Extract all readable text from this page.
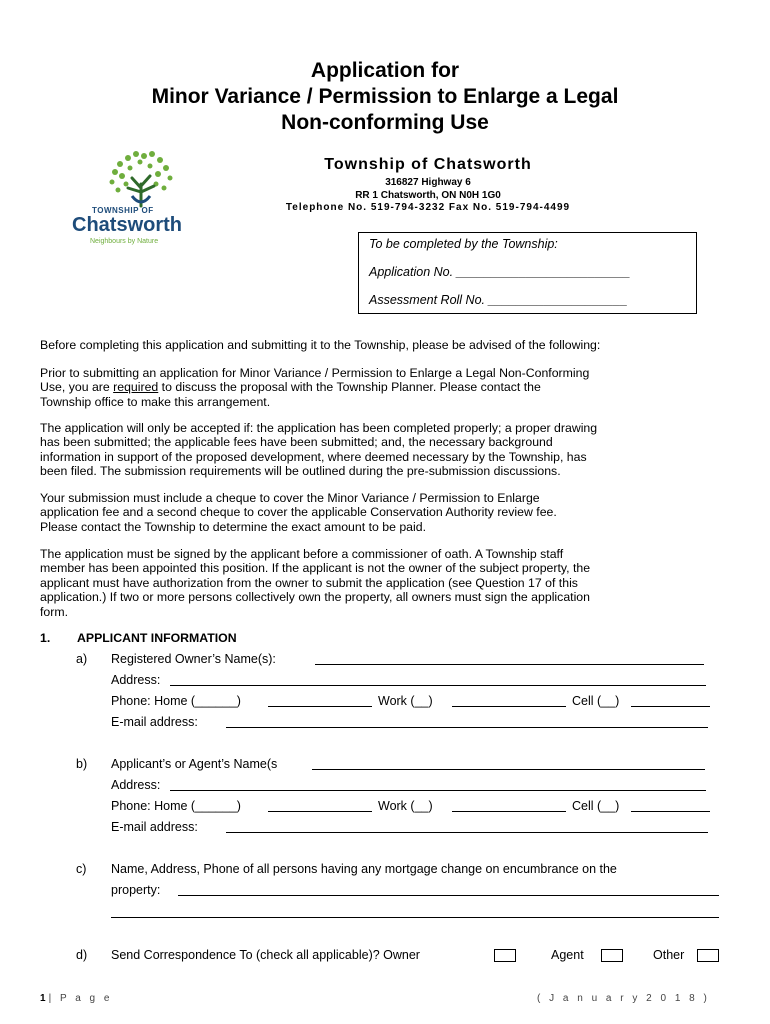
Application for
Minor Variance / Permission to Enlarge a Legal
Non-conforming Use
TOWNSHIP OF
Chatsworth
Neighbours by Nature
Township of Chatsworth
316827 Highway 6
RR 1 Chatsworth, ON N0H 1G0
Telephone No. 519-794-3232 Fax No. 519-794-4499
To be completed by the Township:
Application No. _________________________
Assessment Roll No. ____________________
Before completing this application and submitting it to the Township, please be advised of the following:

Prior to submitting an application for Minor Variance / Permission to Enlarge a Legal Non-Conforming

Use, you are required to discuss the proposal with the Township Planner. Please contact the

Township office to make this arrangement.

The application will only be accepted if: the application has been completed properly; a proper drawing

has been submitted; the applicable fees have been submitted; and, the necessary background

information in support of the proposed development, where deemed necessary by the Township, has

been filed. The submission requirements will be outlined during the pre-submission discussions.

Your submission must include a cheque to cover the Minor Variance / Permission to Enlarge

application fee and a second cheque to cover the applicable Conservation Authority review fee.

Please contact the Township to determine the exact amount to be paid.

The application must be signed by the applicant before a commissioner of oath. A Township staff

member has been appointed this position. If the applicant is not the owner of the subject property, the

applicant must have authorization from the owner to submit the application (see Question 17 of this

application.) If two or more persons collectively own the property, all owners must sign the application

form.

1. APPLICANT INFORMATION
a) Registered Owner’s Name(s):
Address:
Phone: Home (______)	Work (__)	Cell (__)
E-mail address:
b) Applicant’s or Agent’s Name(s
Address:
Phone: Home (______)	Work (__)	Cell (__)
E-mail address:
c) Name, Address, Phone of all persons having any mortgage change on encumbrance on the
property:
d) Send Correspondence To (check all applicable)? Owner	Agent	Other
1| P a g e	( J a n u a r y 2 0 1 8 )
